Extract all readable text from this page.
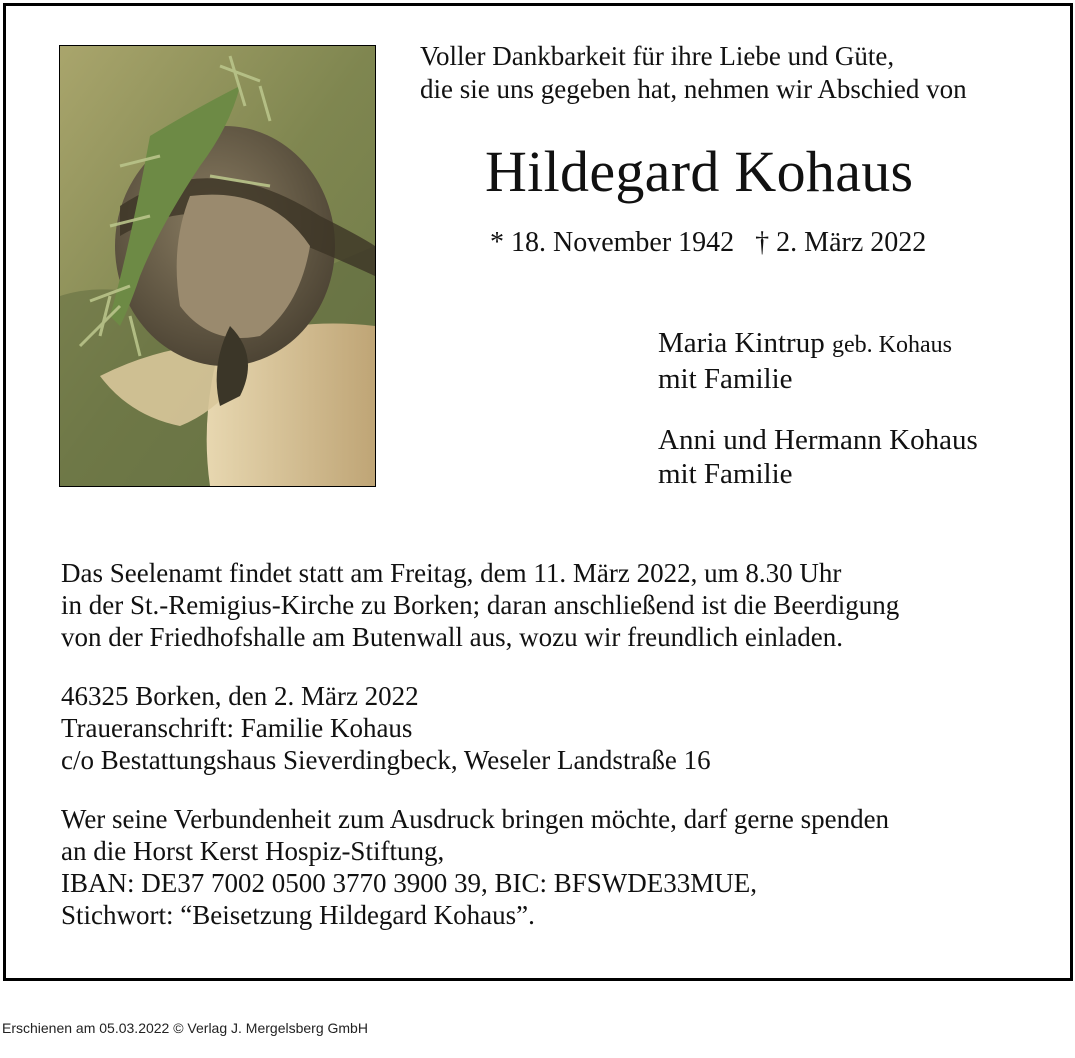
Voller Dankbarkeit für ihre Liebe und Güte,
die sie uns gegeben hat, nehmen wir Abschied von
Hildegard Kohaus
* 18. November 1942   † 2. März 2022
Maria Kintrup geb. Kohaus
mit Familie
Anni und Hermann Kohaus
mit Familie
Das Seelenamt findet statt am Freitag, dem 11. März 2022, um 8.30 Uhr
in der St.-Remigius-Kirche zu Borken; daran anschließend ist die Beerdigung
von der Friedhofshalle am Butenwall aus, wozu wir freundlich einladen.
46325 Borken, den 2. März 2022
Traueranschrift: Familie Kohaus
c/o Bestattungshaus Sieverdingbeck, Weseler Landstraße 16
Wer seine Verbundenheit zum Ausdruck bringen möchte, darf gerne spenden
an die Horst Kerst Hospiz-Stiftung,
IBAN: DE37 7002 0500 3770 3900 39, BIC: BFSWDE33MUE,
Stichwort: “Beisetzung Hildegard Kohaus”.
Erschienen am 05.03.2022 © Verlag J. Mergelsberg GmbH
